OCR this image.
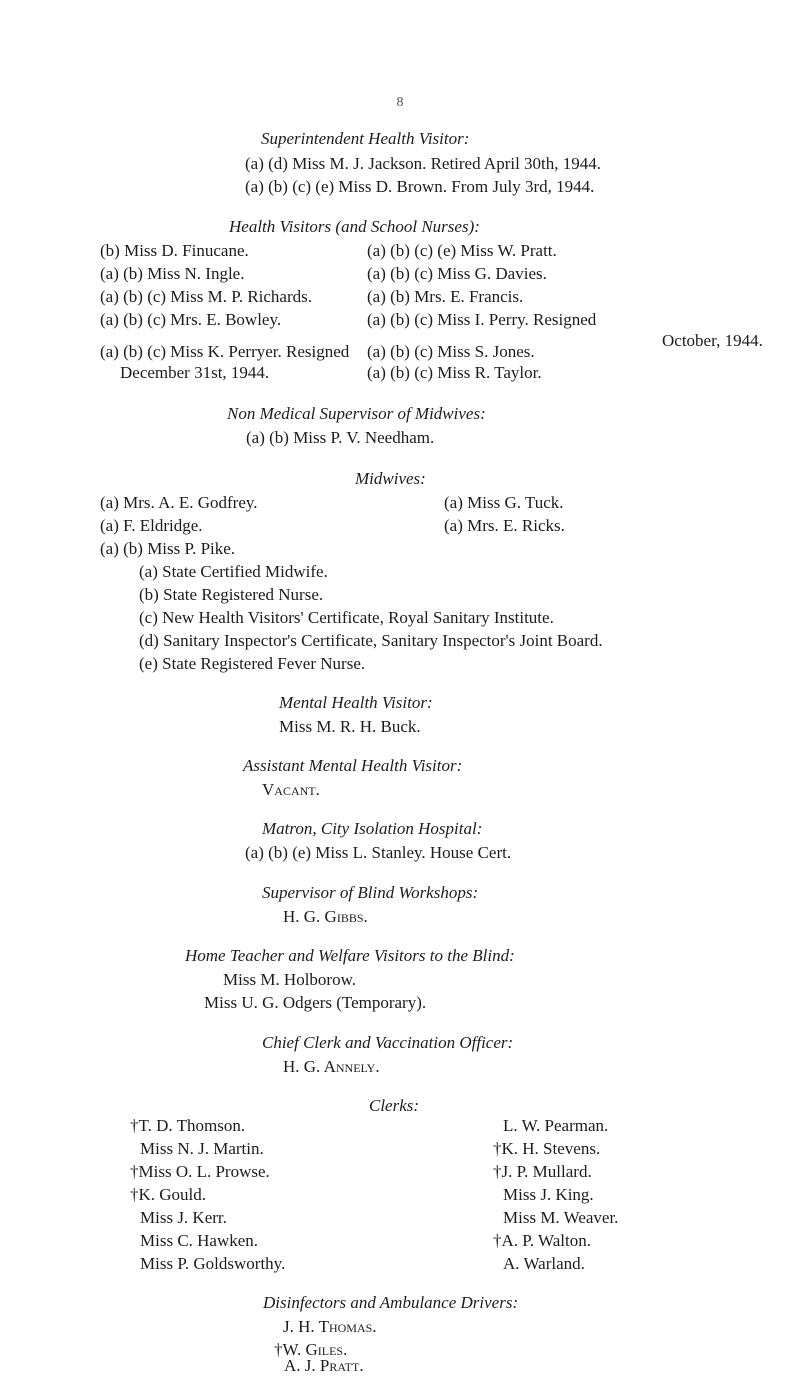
8
Superintendent Health Visitor:
(a) (d) Miss M. J. Jackson. Retired April 30th, 1944.
(a) (b) (c) (e) Miss D. Brown. From July 3rd, 1944.
Health Visitors (and School Nurses):
(b) Miss D. Finucane.
(a) (b) Miss N. Ingle.
(a) (b) (c) Miss M. P. Richards.
(a) (b) (c) Mrs. E. Bowley.
(a) (b) (c) Miss K. Perryer. Resigned
December 31st, 1944.
(a) (b) (c) (e) Miss W. Pratt.
(a) (b) (c) Miss G. Davies.
(a) (b) Mrs. E. Francis.
(a) (b) (c) Miss I. Perry. Resigned
October, 1944.
(a) (b) (c) Miss S. Jones.
(a) (b) (c) Miss R. Taylor.
Non Medical Supervisor of Midwives:
(a) (b) Miss P. V. Needham.
Midwives:
(a) Mrs. A. E. Godfrey.
(a) F. Eldridge.
(a) (b) Miss P. Pike.
(a) Miss G. Tuck.
(a) Mrs. E. Ricks.
(a) State Certified Midwife.
(b) State Registered Nurse.
(c) New Health Visitors' Certificate, Royal Sanitary Institute.
(d) Sanitary Inspector's Certificate, Sanitary Inspector's Joint Board.
(e) State Registered Fever Nurse.
Mental Health Visitor:
Miss M. R. H. Buck.
Assistant Mental Health Visitor:
Vacant.
Matron, City Isolation Hospital:
(a) (b) (e) Miss L. Stanley. House Cert.
Supervisor of Blind Workshops:
H. G. Gibbs.
Home Teacher and Welfare Visitors to the Blind:
Miss M. Holborow.
Miss U. G. Odgers (Temporary).
Chief Clerk and Vaccination Officer:
H. G. Annely.
Clerks:
†T. D. Thomson.
Miss N. J. Martin.
†Miss O. L. Prowse.
†K. Gould.
Miss J. Kerr.
Miss C. Hawken.
Miss P. Goldsworthy.
L. W. Pearman.
†K. H. Stevens.
†J. P. Mullard.
Miss J. King.
Miss M. Weaver.
†A. P. Walton.
A. Warland.
Disinfectors and Ambulance Drivers:
J. H. Thomas.
†W. Giles.
A. J. Pratt.
